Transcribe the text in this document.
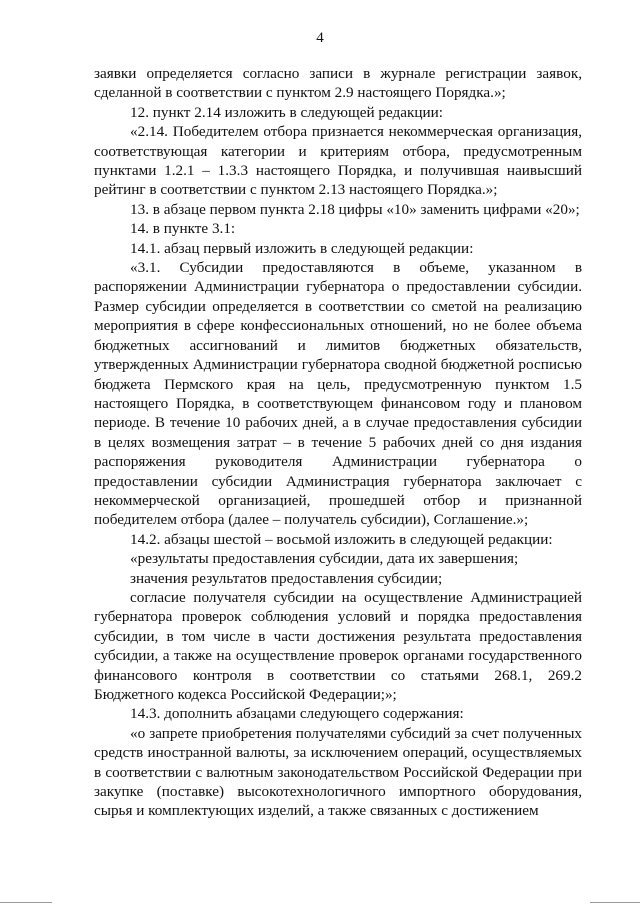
4

заявки определяется согласно записи в журнале регистрации заявок, сделанной в соответствии с пунктом 2.9 настоящего Порядка.»;

12. пункт 2.14 изложить в следующей редакции:

«2.14. Победителем отбора признается некоммерческая организация, соответствующая категории и критериям отбора, предусмотренным пунктами 1.2.1 – 1.3.3 настоящего Порядка, и получившая наивысший рейтинг в соответствии с пунктом 2.13 настоящего Порядка.»;

13. в абзаце первом пункта 2.18 цифры «10» заменить цифрами «20»;

14. в пункте 3.1:

14.1. абзац первый изложить в следующей редакции:

«3.1. Субсидии предоставляются в объеме, указанном в распоряжении Администрации губернатора о предоставлении субсидии. Размер субсидии определяется в соответствии со сметой на реализацию мероприятия в сфере конфессиональных отношений, но не более объема бюджетных ассигнований и лимитов бюджетных обязательств, утвержденных Администрации губернатора сводной бюджетной росписью бюджета Пермского края на цель, предусмотренную пунктом 1.5 настоящего Порядка, в соответствующем финансовом году и плановом периоде. В течение 10 рабочих дней, а в случае предоставления субсидии в целях возмещения затрат – в течение 5 рабочих дней со дня издания распоряжения руководителя Администрации губернатора о предоставлении субсидии Администрация губернатора заключает с некоммерческой организацией, прошедшей отбор и признанной победителем отбора (далее – получатель субсидии), Соглашение.»;

14.2. абзацы шестой – восьмой изложить в следующей редакции:

«результаты предоставления субсидии, дата их завершения;

значения результатов предоставления субсидии;

согласие получателя субсидии на осуществление Администрацией губернатора проверок соблюдения условий и порядка предоставления субсидии, в том числе в части достижения результата предоставления субсидии, а также на осуществление проверок органами государственного финансового контроля в соответствии со статьями 268.1, 269.2 Бюджетного кодекса Российской Федерации;»;

14.3. дополнить абзацами следующего содержания:

«о запрете приобретения получателями субсидий за счет полученных средств иностранной валюты, за исключением операций, осуществляемых в соответствии с валютным законодательством Российской Федерации при закупке (поставке) высокотехнологичного импортного оборудования, сырья и комплектующих изделий, а также связанных с достижением
